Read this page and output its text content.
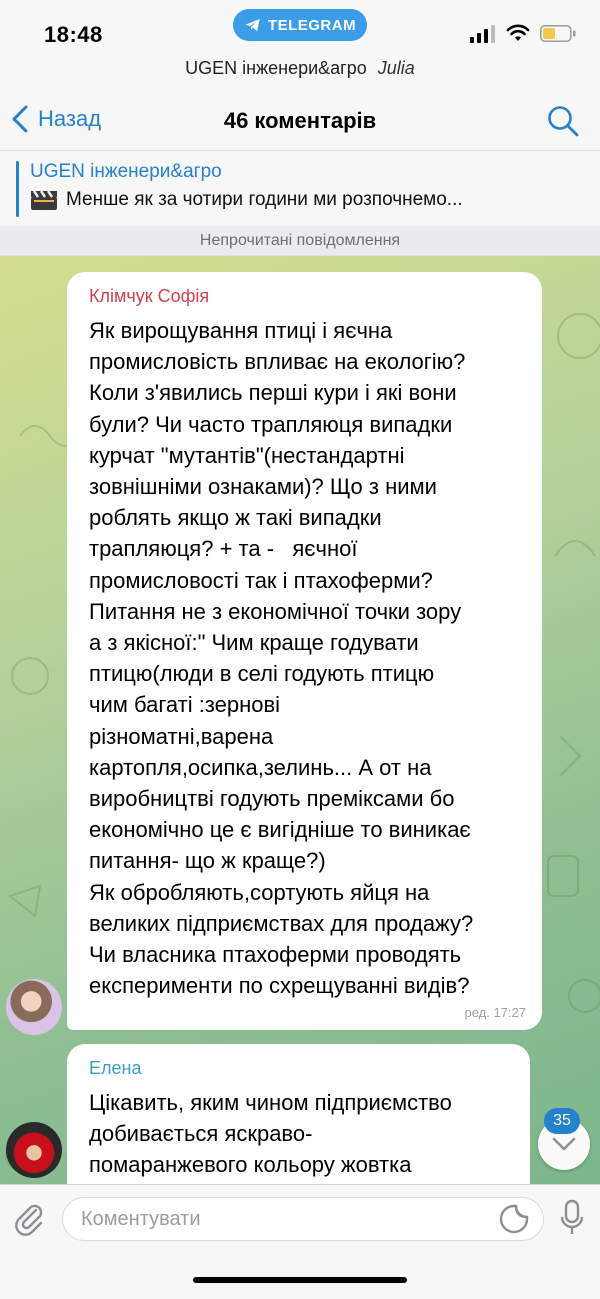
18:48	TELEGRAM
UGEN інженери&агро Julia
Назад	46 коментарів
UGEN інженери&агро
Менше як за чотири години ми розпочнемо...
Непрочитані повідомлення
Клімчук Софія
Як вирощування птиці і яєчна
промисловість впливає на екологію?
Коли з'явились перші кури і які вони
були? Чи часто трапляюця випадки
курчат "мутантів"(нестандартні
зовнішніми ознаками)? Що з ними
роблять якщо ж такі випадки
трапляюця? + та -   яєчної
промисловості так і птахоферми?
Питання не з економічної точки зору
а з якісної:" Чим краще годувати
птицю(люди в селі годують птицю
чим багаті :зернові
різноматні,варена
картопля,осипка,зелинь... А от на
виробництві годують преміксами бо
економічно це є вигідніше то виникає
питання- що ж краще?)
Як обробляють,сортують яйця на
великих підприємствах для продажу?
Чи власника птахоферми проводять
експерименти по схрещуванні видів?
ред. 17:27
Елена
Цікавить, яким чином підприємство
добивається яскраво-
помаранжевого кольору жовтка

35
Коментувати
